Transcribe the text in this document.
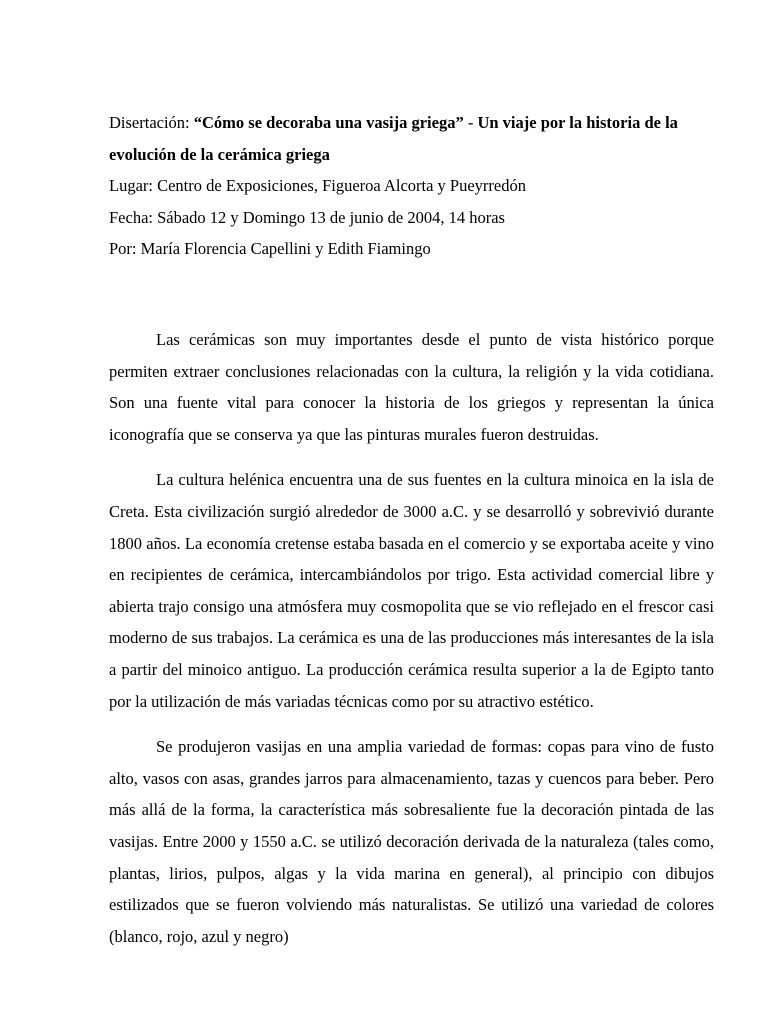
Disertación: “Cómo se decoraba una vasija griega” - Un viaje por la historia de la evolución de la cerámica griega

Lugar: Centro de Exposiciones, Figueroa Alcorta y Pueyrredón

Fecha: Sábado 12 y Domingo 13 de junio de 2004, 14 horas

Por: María Florencia Capellini y Edith Fiamingo

Las cerámicas son muy importantes desde el punto de vista histórico porque permiten extraer conclusiones relacionadas con la cultura, la religión y la vida cotidiana. Son una fuente vital para conocer la historia de los griegos y representan la única iconografía que se conserva ya que las pinturas murales fueron destruidas.

La cultura helénica encuentra una de sus fuentes en la cultura minoica en la isla de Creta. Esta civilización surgió alrededor de 3000 a.C. y se desarrolló y sobrevivió durante 1800 años. La economía cretense estaba basada en el comercio y se exportaba aceite y vino en recipientes de cerámica, intercambiándolos por trigo. Esta actividad comercial libre y abierta trajo consigo una atmósfera muy cosmopolita que se vio reflejado en el frescor casi moderno de sus trabajos. La cerámica es una de las producciones más interesantes de la isla a partir del minoico antiguo. La producción cerámica resulta superior a la de Egipto tanto por la utilización de más variadas técnicas como por su atractivo estético.

Se produjeron vasijas en una amplia variedad de formas: copas para vino de fusto alto, vasos con asas, grandes jarros para almacenamiento, tazas y cuencos para beber. Pero más allá de la forma, la característica más sobresaliente fue la decoración pintada de las vasijas. Entre 2000 y 1550 a.C. se utilizó decoración derivada de la naturaleza (tales como, plantas, lirios, pulpos, algas y la vida marina en general), al principio con dibujos estilizados que se fueron volviendo más naturalistas. Se utilizó una variedad de colores (blanco, rojo, azul y negro)
